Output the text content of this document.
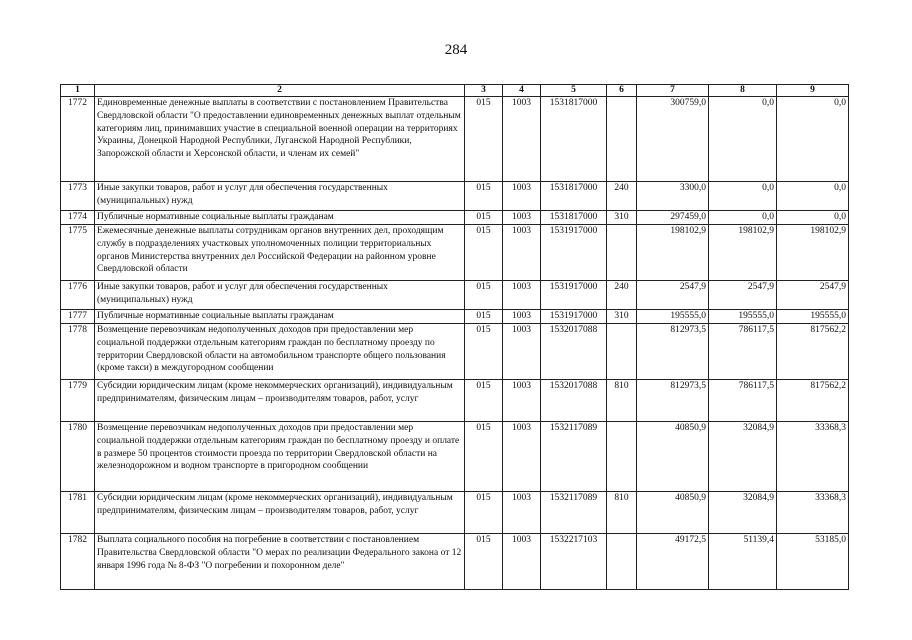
284
1	2	3	4	5	6	7	8	9
1772	Единовременные денежные выплаты в соответствии с постановлением Правительства Свердловской области "О предоставлении единовременных денежных выплат отдельным категориям лиц, принимавших участие в специальной военной операции на территориях Украины, Донецкой Народной Республики, Луганской Народной Республики, Запорожской области и Херсонской области, и членам их семей"	015	1003	1531817000		300759,0	0,0	0,0
1773	Иные закупки товаров, работ и услуг для обеспечения государственных (муниципальных) нужд	015	1003	1531817000	240	3300,0	0,0	0,0
1774	Публичные нормативные социальные выплаты гражданам	015	1003	1531817000	310	297459,0	0,0	0,0
1775	Ежемесячные денежные выплаты сотрудникам органов внутренних дел, проходящим службу в подразделениях участковых уполномоченных полиции территориальных органов Министерства внутренних дел Российской Федерации на районном уровне Свердловской области	015	1003	1531917000		198102,9	198102,9	198102,9
1776	Иные закупки товаров, работ и услуг для обеспечения государственных (муниципальных) нужд	015	1003	1531917000	240	2547,9	2547,9	2547,9
1777	Публичные нормативные социальные выплаты гражданам	015	1003	1531917000	310	195555,0	195555,0	195555,0
1778	Возмещение перевозчикам недополученных доходов при предоставлении мер социальной поддержки отдельным категориям граждан по бесплатному проезду по территории Свердловской области на автомобильном транспорте общего пользования (кроме такси) в междугородном сообщении	015	1003	1532017088		812973,5	786117,5	817562,2
1779	Субсидии юридическим лицам (кроме некоммерческих организаций), индивидуальным предпринимателям, физическим лицам – производителям товаров, работ, услуг	015	1003	1532017088	810	812973,5	786117,5	817562,2
1780	Возмещение перевозчикам недополученных доходов при предоставлении мер социальной поддержки отдельным категориям граждан по бесплатному проезду и оплате в размере 50 процентов стоимости проезда по территории Свердловской области на железнодорожном и водном транспорте в пригородном сообщении	015	1003	1532117089		40850,9	32084,9	33368,3
1781	Субсидии юридическим лицам (кроме некоммерческих организаций), индивидуальным предпринимателям, физическим лицам – производителям товаров, работ, услуг	015	1003	1532117089	810	40850,9	32084,9	33368,3
1782	Выплата социального пособия на погребение в соответствии с постановлением Правительства Свердловской области "О мерах по реализации Федерального закона от 12 января 1996 года № 8-ФЗ "О погребении и похоронном деле"	015	1003	1532217103		49172,5	51139,4	53185,0
